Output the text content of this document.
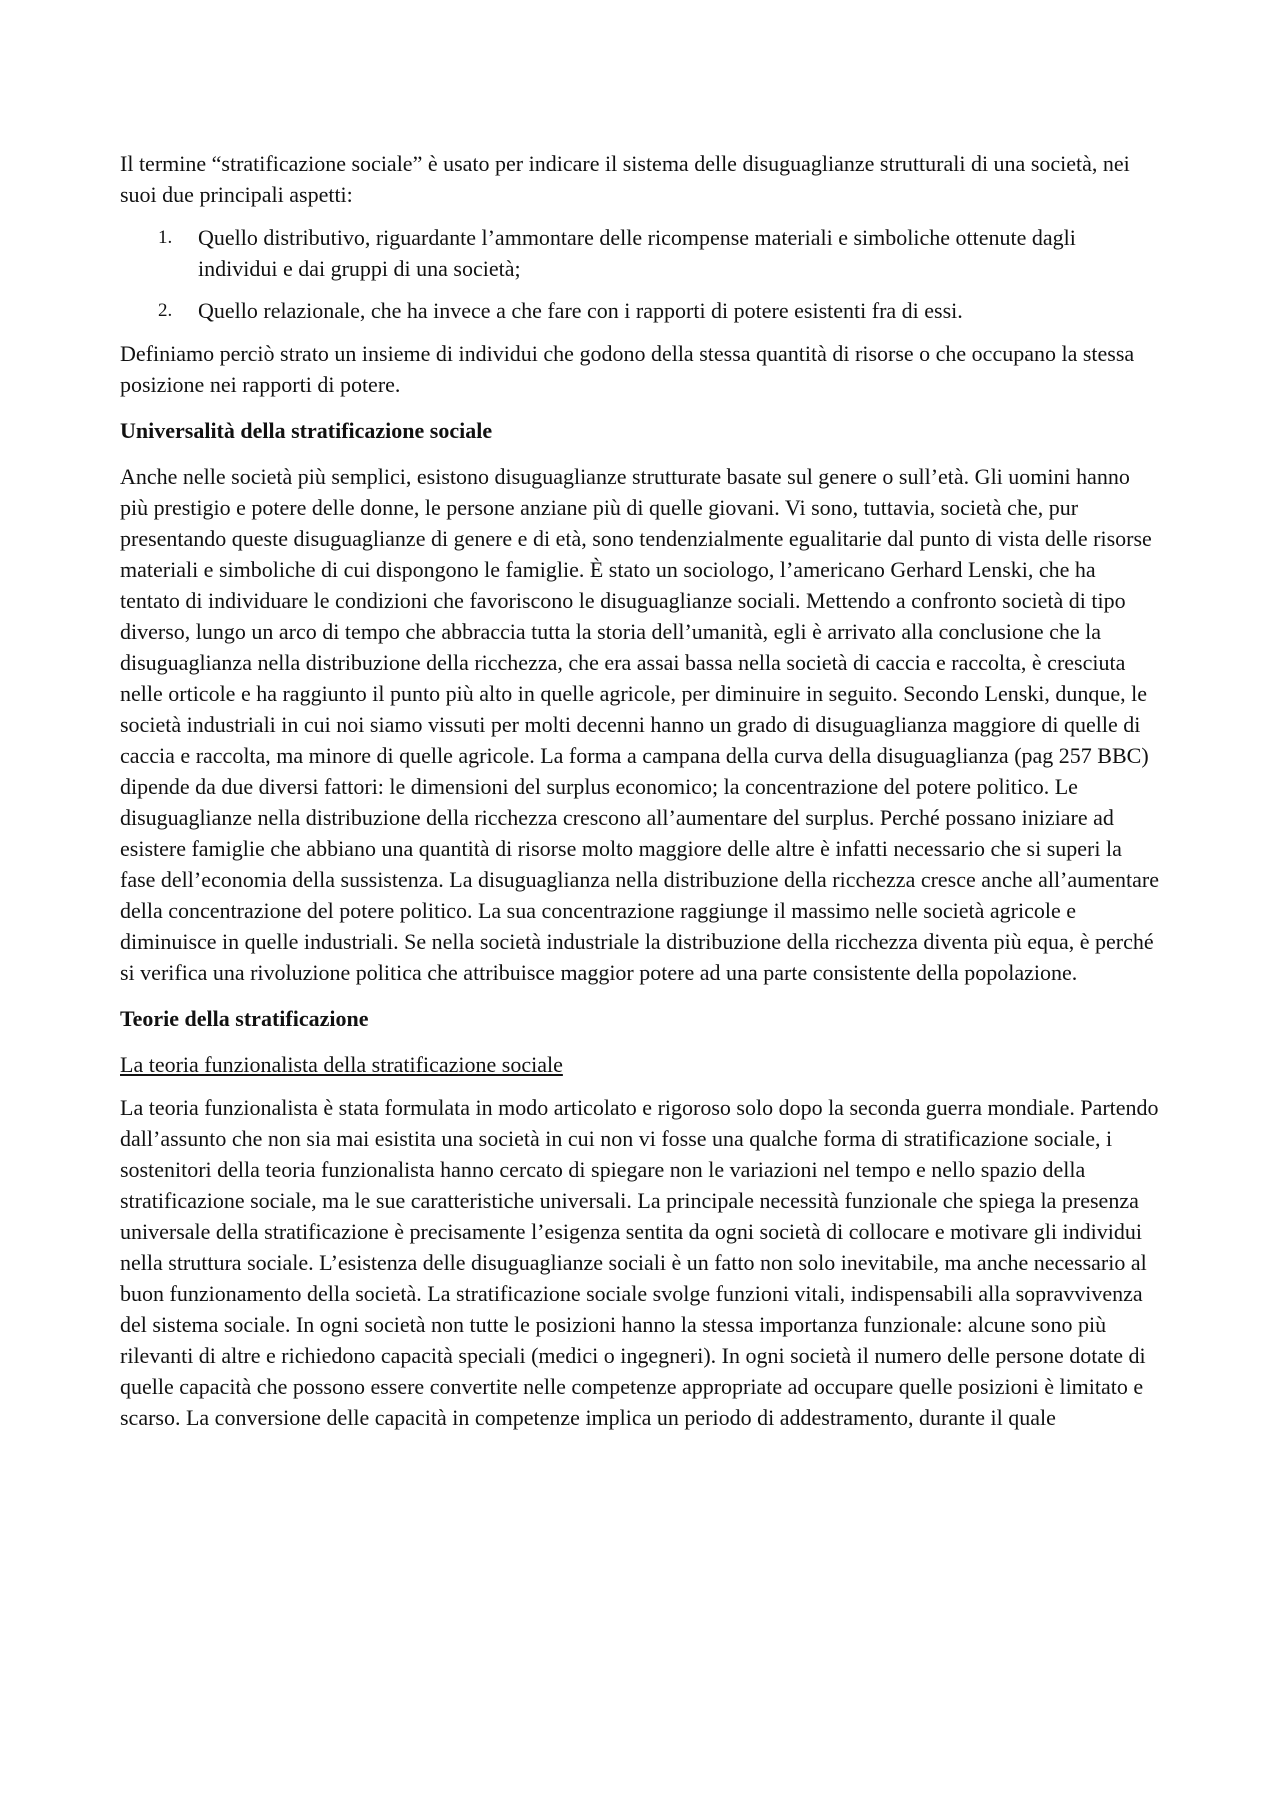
Il termine “stratificazione sociale” è usato per indicare il sistema delle disuguaglianze strutturali di una società, nei suoi due principali aspetti:

1. Quello distributivo, riguardante l’ammontare delle ricompense materiali e simboliche ottenute dagli individui e dai gruppi di una società;
2. Quello relazionale, che ha invece a che fare con i rapporti di potere esistenti fra di essi.

Definiamo perciò strato un insieme di individui che godono della stessa quantità di risorse o che occupano la stessa posizione nei rapporti di potere.

Universalità della stratificazione sociale

Anche nelle società più semplici, esistono disuguaglianze strutturate basate sul genere o sull’età. Gli uomini hanno più prestigio e potere delle donne, le persone anziane più di quelle giovani. Vi sono, tuttavia, società che, pur presentando queste disuguaglianze di genere e di età, sono tendenzialmente egualitarie dal punto di vista delle risorse materiali e simboliche di cui dispongono le famiglie. È stato un sociologo, l’americano Gerhard Lenski, che ha tentato di individuare le condizioni che favoriscono le disuguaglianze sociali. Mettendo a confronto società di tipo diverso, lungo un arco di tempo che abbraccia tutta la storia dell’umanità, egli è arrivato alla conclusione che la disuguaglianza nella distribuzione della ricchezza, che era assai bassa nella società di caccia e raccolta, è cresciuta nelle orticole e ha raggiunto il punto più alto in quelle agricole, per diminuire in seguito. Secondo Lenski, dunque, le società industriali in cui noi siamo vissuti per molti decenni hanno un grado di disuguaglianza maggiore di quelle di caccia e raccolta, ma minore di quelle agricole. La forma a campana della curva della disuguaglianza (pag 257 BBC) dipende da due diversi fattori: le dimensioni del surplus economico; la concentrazione del potere politico. Le disuguaglianze nella distribuzione della ricchezza crescono all’aumentare del surplus. Perché possano iniziare ad esistere famiglie che abbiano una quantità di risorse molto maggiore delle altre è infatti necessario che si superi la fase dell’economia della sussistenza. La disuguaglianza nella distribuzione della ricchezza cresce anche all’aumentare della concentrazione del potere politico. La sua concentrazione raggiunge il massimo nelle società agricole e diminuisce in quelle industriali. Se nella società industriale la distribuzione della ricchezza diventa più equa, è perché si verifica una rivoluzione politica che attribuisce maggior potere ad una parte consistente della popolazione.

Teorie della stratificazione
La teoria funzionalista della stratificazione sociale

La teoria funzionalista è stata formulata in modo articolato e rigoroso solo dopo la seconda guerra mondiale. Partendo dall’assunto che non sia mai esistita una società in cui non vi fosse una qualche forma di stratificazione sociale, i sostenitori della teoria funzionalista hanno cercato di spiegare non le variazioni nel tempo e nello spazio della stratificazione sociale, ma le sue caratteristiche universali. La principale necessità funzionale che spiega la presenza universale della stratificazione è precisamente l’esigenza sentita da ogni società di collocare e motivare gli individui nella struttura sociale. L’esistenza delle disuguaglianze sociali è un fatto non solo inevitabile, ma anche necessario al buon funzionamento della società. La stratificazione sociale svolge funzioni vitali, indispensabili alla sopravvivenza del sistema sociale. In ogni società non tutte le posizioni hanno la stessa importanza funzionale: alcune sono più rilevanti di altre e richiedono capacità speciali (medici o ingegneri). In ogni società il numero delle persone dotate di quelle capacità che possono essere convertite nelle competenze appropriate ad occupare quelle posizioni è limitato e scarso. La conversione delle capacità in competenze implica un periodo di addestramento, durante il quale
